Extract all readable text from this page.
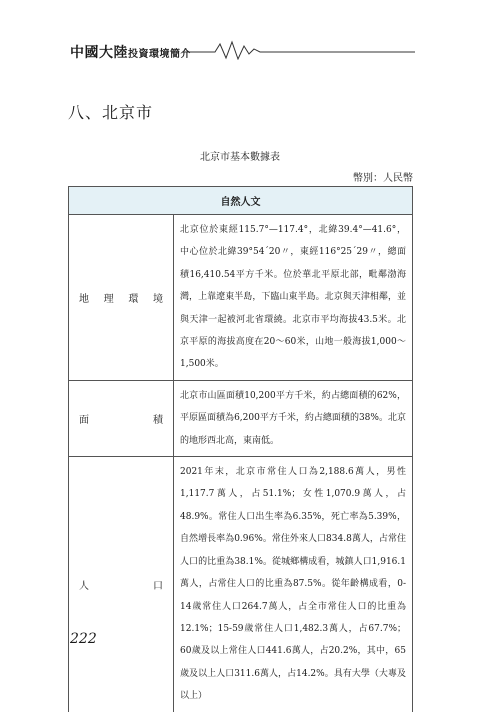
中國大陸投資環境簡介
八、北京市
北京市基本數據表
幣別：人民幣
自然人文	
地理環境	北京位於東經115.7°—117.4°，北緯39.4°—41.6°，中心位於北緯39°54´20〃，東經116°25´29〃，總面積16,410.54平方千米。位於華北平原北部，毗鄰渤海灣，上靠遼東半島，下臨山東半島。北京與天津相鄰，並與天津一起被河北省環繞。北京市平均海拔43.5米。北京平原的海拔高度在20～60米，山地一般海拔1,000～1,500米。
面積	北京市山區面積10,200平方千米，約占總面積的62%，平原區面積為6,200平方千米，約占總面積的38%。北京的地形西北高，東南低。
人口	2021年末，北京市常住人口為2,188.6萬人，男性1,117.7萬人，占51.1%；女性1,070.9萬人，占48.9%。常住人口出生率為6.35%，死亡率為5.39%，自然增長率為0.96%。常住外來人口834.8萬人，占常住人口的比重為38.1%。從城鄉構成看，城鎮人口1,916.1萬人，占常住人口的比重為87.5%。從年齡構成看，0-14歲常住人口264.7萬人，占全市常住人口的比重為12.1%；15-59歲常住人口1,482.3萬人，占67.7%；60歲及以上常住人口441.6萬人，占20.2%，其中，65歲及以上人口311.6萬人，占14.2%。具有大學（大專及以上）
222
